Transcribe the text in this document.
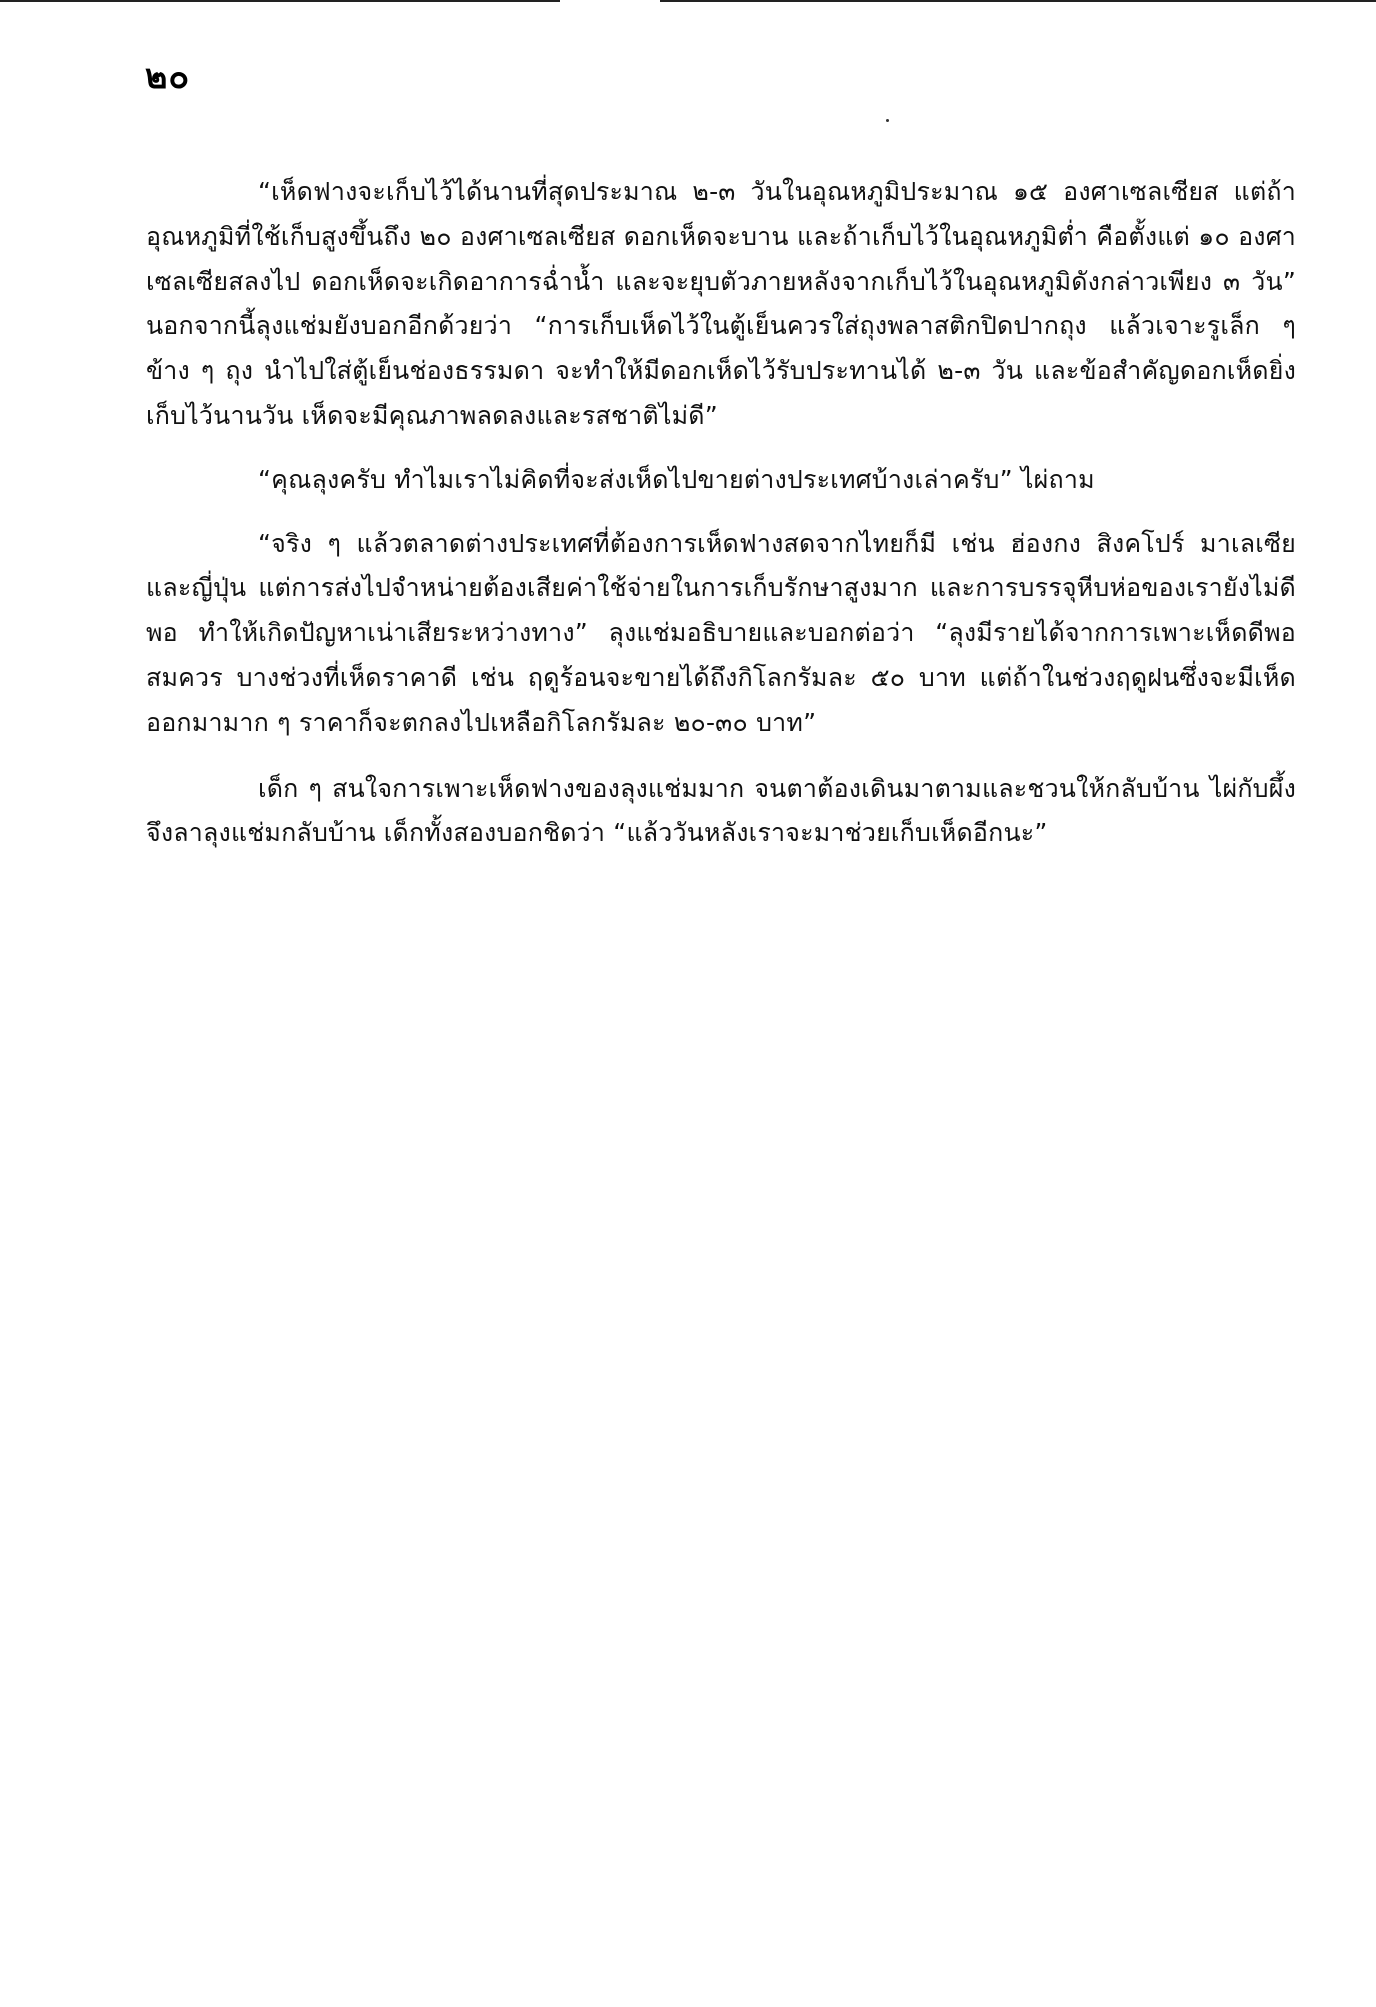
๒๐

“เห็ดฟางจะเก็บไว้ได้นานที่สุดประมาณ ๒-๓ วันในอุณหภูมิประมาณ ๑๕ องศาเซลเซียส แต่ถ้าอุณหภูมิที่ใช้เก็บสูงขึ้นถึง ๒๐ องศาเซลเซียส ดอกเห็ดจะบาน และถ้าเก็บไว้ในอุณหภูมิต่ำ คือตั้งแต่ ๑๐ องศาเซลเซียสลงไป ดอกเห็ดจะเกิดอาการฉ่ำน้ำ และจะยุบตัวภายหลังจากเก็บไว้ในอุณหภูมิดังกล่าวเพียง ๓ วัน” นอกจากนี้ลุงแช่มยังบอกอีกด้วยว่า “การเก็บเห็ดไว้ในตู้เย็นควรใส่ถุงพลาสติกปิดปากถุง แล้วเจาะรูเล็ก ๆ ข้าง ๆ ถุง นำไปใส่ตู้เย็นช่องธรรมดา จะทำให้มีดอกเห็ดไว้รับประทานได้ ๒-๓ วัน และข้อสำคัญดอกเห็ดยิ่งเก็บไว้นานวัน เห็ดจะมีคุณภาพลดลงและรสชาติไม่ดี”

“คุณลุงครับ ทำไมเราไม่คิดที่จะส่งเห็ดไปขายต่างประเทศบ้างเล่าครับ” ไผ่ถาม

“จริง ๆ แล้วตลาดต่างประเทศที่ต้องการเห็ดฟางสดจากไทยก็มี เช่น ฮ่องกง สิงคโปร์ มาเลเซีย และญี่ปุ่น แต่การส่งไปจำหน่ายต้องเสียค่าใช้จ่ายในการเก็บรักษาสูงมาก และการบรรจุหีบห่อของเรายังไม่ดีพอ ทำให้เกิดปัญหาเน่าเสียระหว่างทาง” ลุงแช่มอธิบายและบอกต่อว่า “ลุงมีรายได้จากการเพาะเห็ดดีพอสมควร บางช่วงที่เห็ดราคาดี เช่น ฤดูร้อนจะขายได้ถึงกิโลกรัมละ ๕๐ บาท แต่ถ้าในช่วงฤดูฝนซึ่งจะมีเห็ดออกมามาก ๆ ราคาก็จะตกลงไปเหลือกิโลกรัมละ ๒๐-๓๐ บาท”

เด็ก ๆ สนใจการเพาะเห็ดฟางของลุงแช่มมาก จนตาต้องเดินมาตามและชวนให้กลับบ้าน ไผ่กับผึ้งจึงลาลุงแช่มกลับบ้าน เด็กทั้งสองบอกชิดว่า “แล้ววันหลังเราจะมาช่วยเก็บเห็ดอีกนะ”
